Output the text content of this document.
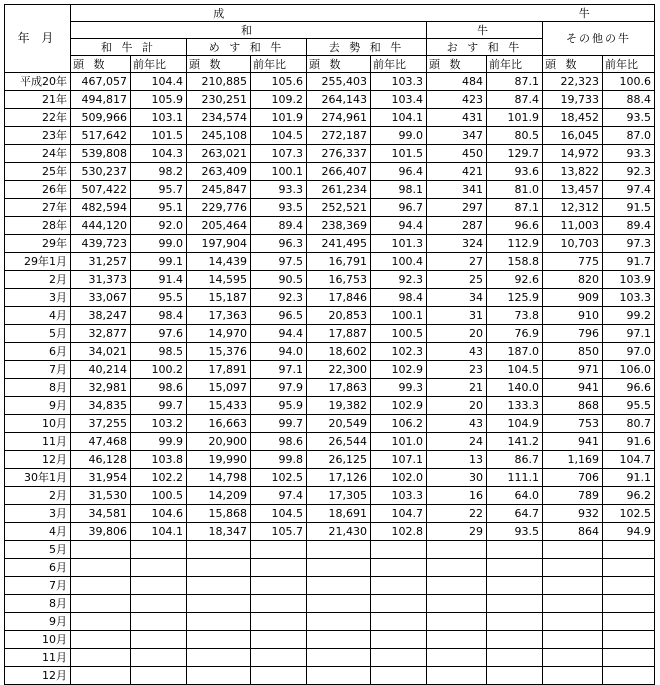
年 月	成					牛				
	和						牛		その他の牛	
	和 牛 計		め す 和 牛		去 勢 和 牛		お す 和 牛			
	頭 数	前年比	頭 数	前年比	頭 数	前年比	頭 数	前年比	頭 数	前年比
平成20年	467,057	104.4	210,885	105.6	255,403	103.3	484	87.1	22,323	100.6
21年	494,817	105.9	230,251	109.2	264,143	103.4	423	87.4	19,733	88.4
22年	509,966	103.1	234,574	101.9	274,961	104.1	431	101.9	18,452	93.5
23年	517,642	101.5	245,108	104.5	272,187	99.0	347	80.5	16,045	87.0
24年	539,808	104.3	263,021	107.3	276,337	101.5	450	129.7	14,972	93.3
25年	530,237	98.2	263,409	100.1	266,407	96.4	421	93.6	13,822	92.3
26年	507,422	95.7	245,847	93.3	261,234	98.1	341	81.0	13,457	97.4
27年	482,594	95.1	229,776	93.5	252,521	96.7	297	87.1	12,312	91.5
28年	444,120	92.0	205,464	89.4	238,369	94.4	287	96.6	11,003	89.4
29年	439,723	99.0	197,904	96.3	241,495	101.3	324	112.9	10,703	97.3
29年1月	31,257	99.1	14,439	97.5	16,791	100.4	27	158.8	775	91.7
2月	31,373	91.4	14,595	90.5	16,753	92.3	25	92.6	820	103.9
3月	33,067	95.5	15,187	92.3	17,846	98.4	34	125.9	909	103.3
4月	38,247	98.4	17,363	96.5	20,853	100.1	31	73.8	910	99.2
5月	32,877	97.6	14,970	94.4	17,887	100.5	20	76.9	796	97.1
6月	34,021	98.5	15,376	94.0	18,602	102.3	43	187.0	850	97.0
7月	40,214	100.2	17,891	97.1	22,300	102.9	23	104.5	971	106.0
8月	32,981	98.6	15,097	97.9	17,863	99.3	21	140.0	941	96.6
9月	34,835	99.7	15,433	95.9	19,382	102.9	20	133.3	868	95.5
10月	37,255	103.2	16,663	99.7	20,549	106.2	43	104.9	753	80.7
11月	47,468	99.9	20,900	98.6	26,544	101.0	24	141.2	941	91.6
12月	46,128	103.8	19,990	99.8	26,125	107.1	13	86.7	1,169	104.7
30年1月	31,954	102.2	14,798	102.5	17,126	102.0	30	111.1	706	91.1
2月	31,530	100.5	14,209	97.4	17,305	103.3	16	64.0	789	96.2
3月	34,581	104.6	15,868	104.5	18,691	104.7	22	64.7	932	102.5
4月	39,806	104.1	18,347	105.7	21,430	102.8	29	93.5	864	94.9
5月										
6月										
7月										
8月										
9月										
10月										
11月										
12月										
